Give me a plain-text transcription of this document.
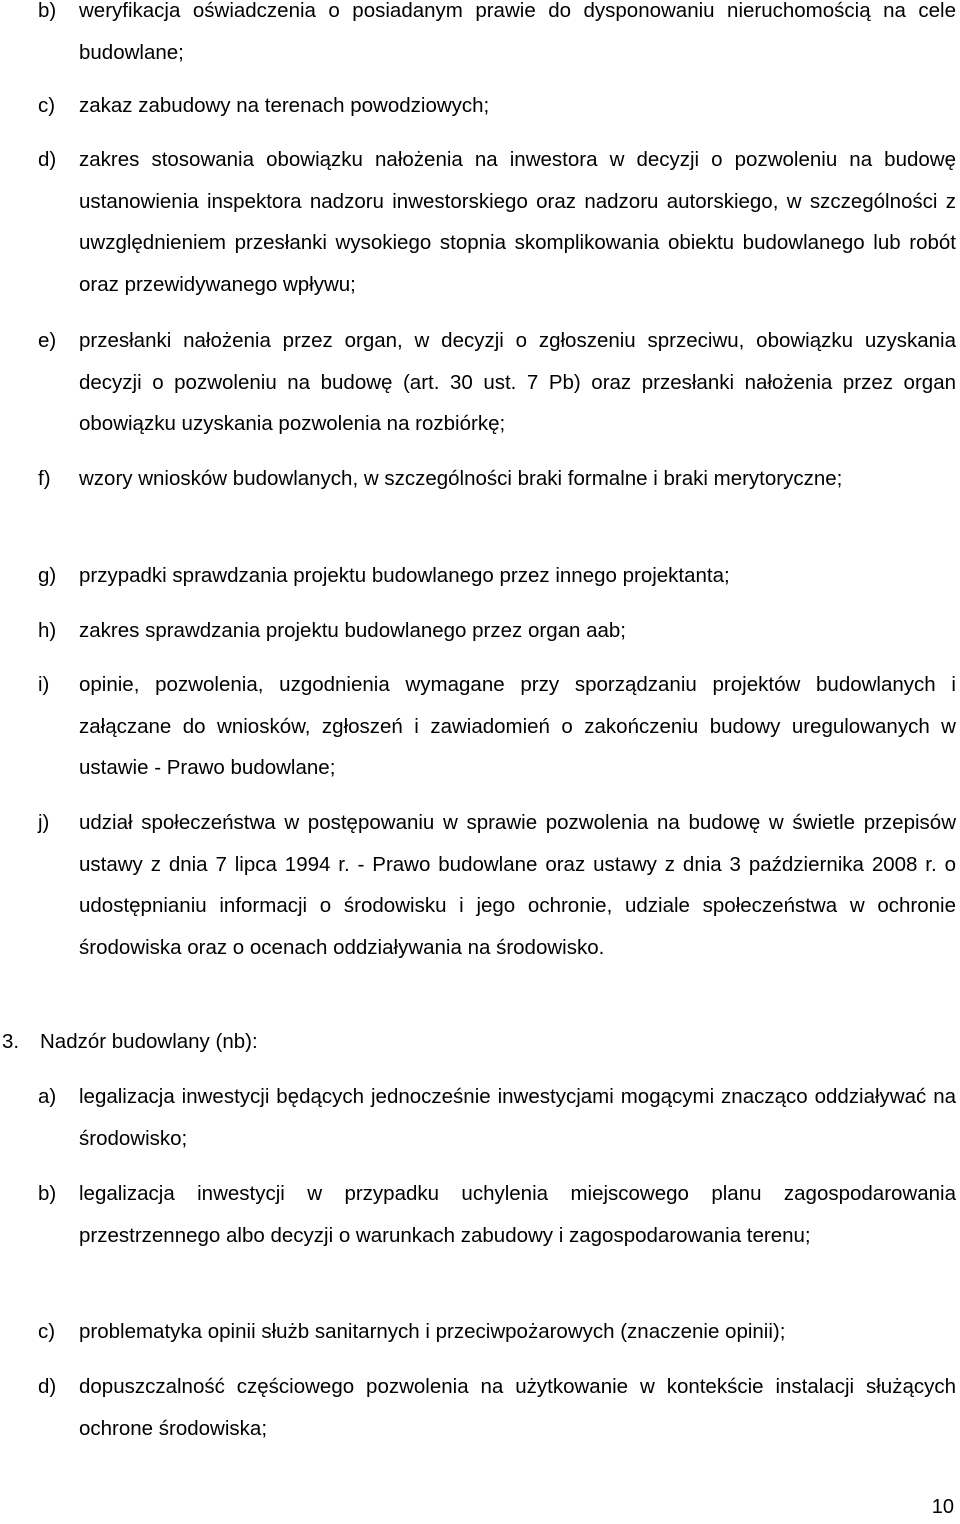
b) weryfikacja oświadczenia o posiadanym prawie do dysponowaniu nieruchomością na cele budowlane;
c) zakaz zabudowy na terenach powodziowych;
d) zakres stosowania obowiązku nałożenia na inwestora w decyzji o pozwoleniu na budowę ustanowienia inspektora nadzoru inwestorskiego oraz nadzoru autorskiego, w szczególności z uwzględnieniem przesłanki wysokiego stopnia skomplikowania obiektu budowlanego lub robót oraz przewidywanego wpływu;
e) przesłanki nałożenia przez organ, w decyzji o zgłoszeniu sprzeciwu, obowiązku uzyskania decyzji o pozwoleniu na budowę (art. 30 ust. 7 Pb) oraz przesłanki nałożenia przez organ obowiązku uzyskania pozwolenia na rozbiórkę;
f) wzory wniosków budowlanych, w szczególności braki formalne i braki merytoryczne;
g) przypadki sprawdzania projektu budowlanego przez innego projektanta;
h) zakres sprawdzania projektu budowlanego przez organ aab;
i) opinie, pozwolenia, uzgodnienia wymagane przy sporządzaniu projektów budowlanych i załączane do wniosków, zgłoszeń i zawiadomień o zakończeniu budowy uregulowanych w ustawie - Prawo budowlane;
j) udział społeczeństwa w postępowaniu w sprawie pozwolenia na budowę w świetle przepisów ustawy z dnia 7 lipca 1994 r. - Prawo budowlane oraz ustawy z dnia 3 października 2008 r. o udostępnianiu informacji o środowisku i jego ochronie, udziale społeczeństwa w ochronie środowiska oraz o ocenach oddziaływania na środowisko.
3. Nadzór budowlany (nb):
a) legalizacja inwestycji będących jednocześnie inwestycjami mogącymi znacząco oddziaływać na środowisko;
b) legalizacja inwestycji w przypadku uchylenia miejscowego planu zagospodarowania przestrzennego albo decyzji o warunkach zabudowy i zagospodarowania terenu;
c) problematyka opinii służb sanitarnych i przeciwpożarowych (znaczenie opinii);
d) dopuszczalność częściowego pozwolenia na użytkowanie w kontekście instalacji służących ochrone środowiska;
10
